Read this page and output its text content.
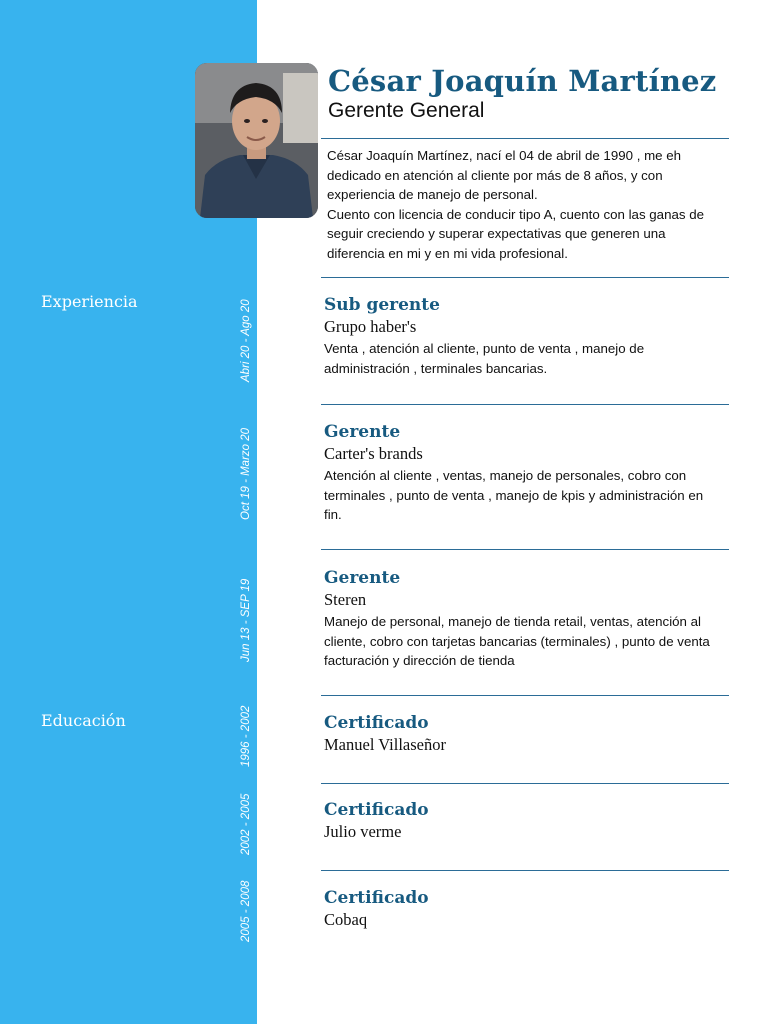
César Joaquín Martínez
Gerente General

César Joaquín Martínez, nací el 04 de abril de 1990 , me eh dedicado en atención al cliente por más de 8 años, y con experiencia de manejo de personal.

Cuento con licencia de conducir tipo A, cuento con las ganas de seguir creciendo y superar expectativas que generen una diferencia en mi y en mi vida profesional.

Experiencia	Abri 20 - Ago 20	Sub gerente

Grupo haber's

Venta , atención al cliente, punto de venta , manejo de administración , terminales bancarias.

Oct 19 - Marzo 20	Gerente

Carter's brands

Atención al cliente , ventas, manejo de personales, cobro con terminales , punto de venta , manejo de kpis y administración en fin.

Jun 13 - SEP 19

Gerente

Steren

Manejo de personal, manejo de tienda retail, ventas, atención al cliente, cobro con tarjetas bancarias (terminales) , punto de venta facturación y dirección de tienda

Educación	1996 - 2002	Certificado

Manuel Villaseñor

2002 - 2005	Certificado

Julio verme

2005 - 2008	Certificado

Cobaq
